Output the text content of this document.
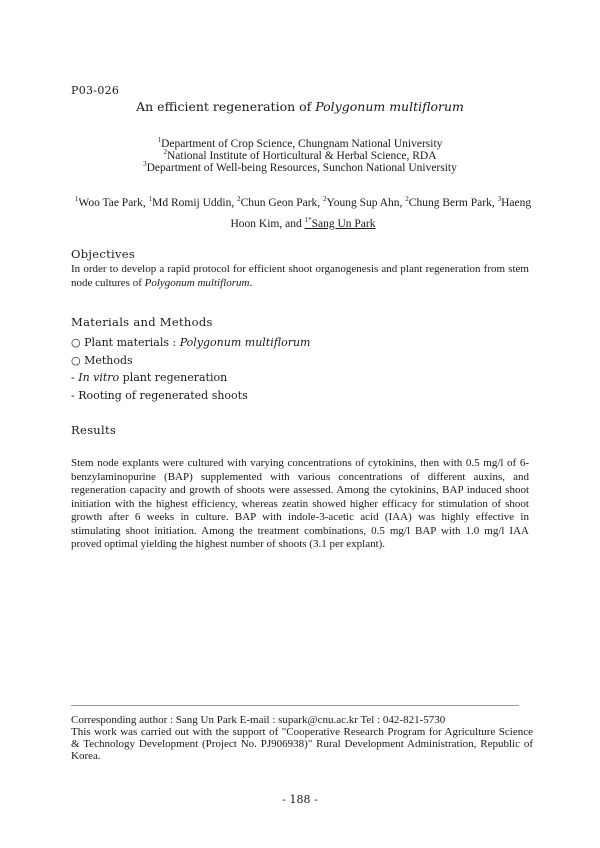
P03-026
An efficient regeneration of Polygonum multiflorum
$^1$Department of Crop Science, Chungnam National University
$^2$National Institute of Horticultural & Herbal Science, RDA
$^3$Department of Well-being Resources, Sunchon National University
$^1$Woo Tae Park, $^1$Md Romij Uddin, $^2$Chun Geon Park, $^2$Young Sup Ahn, $^2$Chung Berm Park, $^3$Haeng Hoon Kim, and $^{1*}$Sang Un Park
Objectives
In order to develop a rapid protocol for efficient shoot organogenesis and plant regeneration from stem node cultures of Polygonum multiflorum.
Materials and Methods
○ Plant materials : Polygonum multiflorum
○ Methods
- In vitro plant regeneration
- Rooting of regenerated shoots
Results
Stem node explants were cultured with varying concentrations of cytokinins, then with 0.5 mg/l of 6-benzylaminopurine (BAP) supplemented with various concentrations of different auxins, and regeneration capacity and growth of shoots were assessed. Among the cytokinins, BAP induced shoot initiation with the highest efficiency, whereas zeatin showed higher efficacy for stimulation of shoot growth after 6 weeks in culture. BAP with indole-3-acetic acid (IAA) was highly effective in stimulating shoot initiation. Among the treatment combinations, 0.5 mg/l BAP with 1.0 mg/l IAA proved optimal yielding the highest number of shoots (3.1 per explant).
Corresponding author : Sang Un Park E-mail : supark@cnu.ac.kr Tel : 042-821-5730
This work was carried out with the support of "Cooperative Research Program for Agriculture Science & Technology Development (Project No. PJ906938)" Rural Development Administration, Republic of Korea.
- 188 -
